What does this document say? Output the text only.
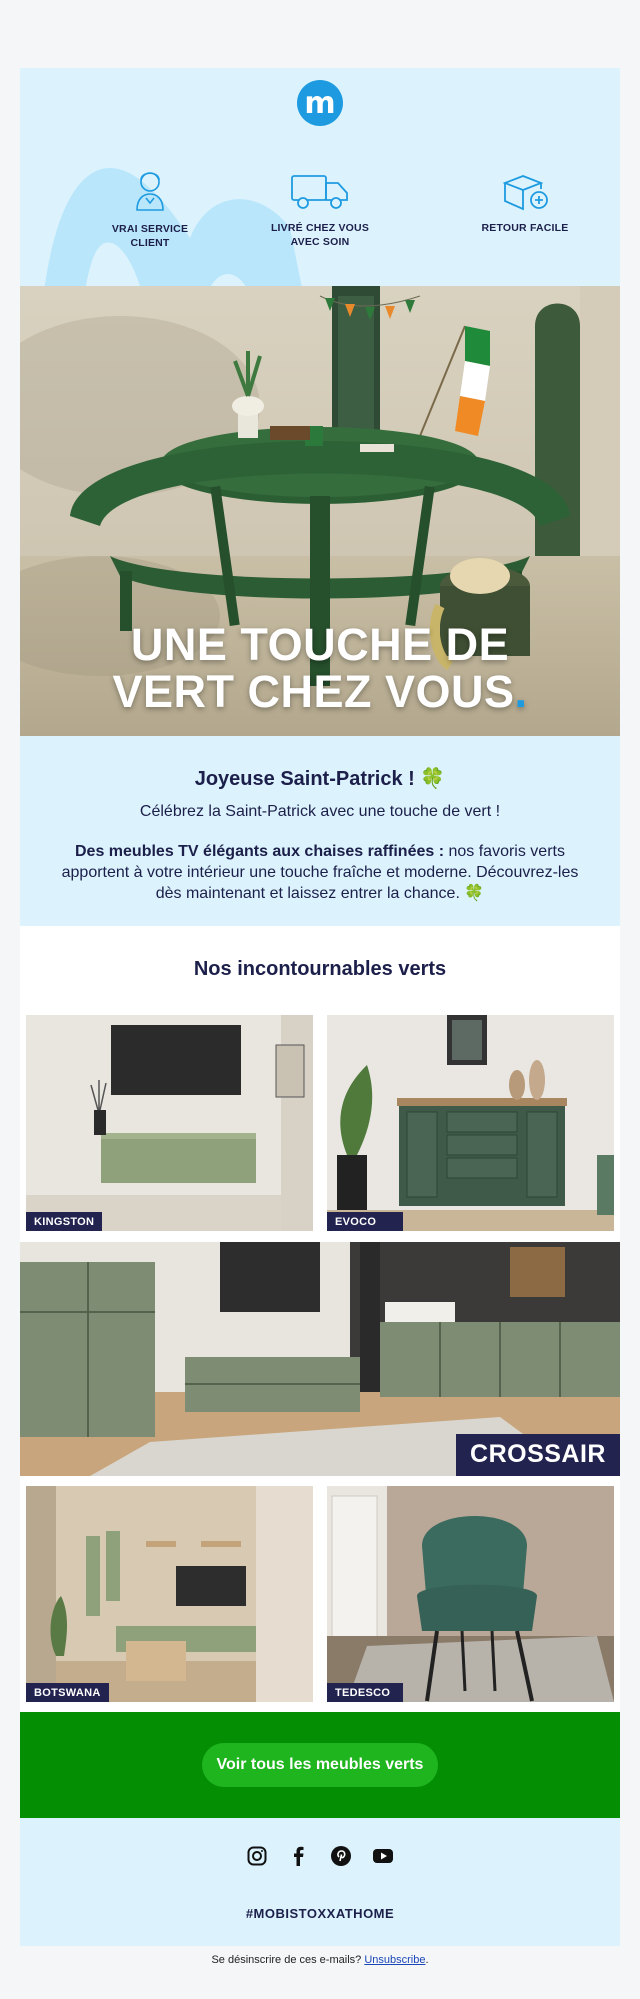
m
VRAI SERVICE CLIENT
LIVRÉ CHEZ VOUS AVEC SOIN
RETOUR FACILE
UNE TOUCHE DE
VERT CHEZ VOUS.
Joyeuse Saint-Patrick ! 🍀

Célébrez la Saint-Patrick avec une touche de vert !

Des meubles TV élégants aux chaises raffinées : nos favoris verts apportent à votre intérieur une touche fraîche et moderne. Découvrez-les dès maintenant et laissez entrer la chance. 🍀

Nos incontournables verts
KINGSTON	EVOCO
CROSSAIR
BOTSWANA	TEDESCO
Voir tous les meubles verts
#MOBISTOXXATHOME
Se désinscrire de ces e-mails? Unsubscribe.
